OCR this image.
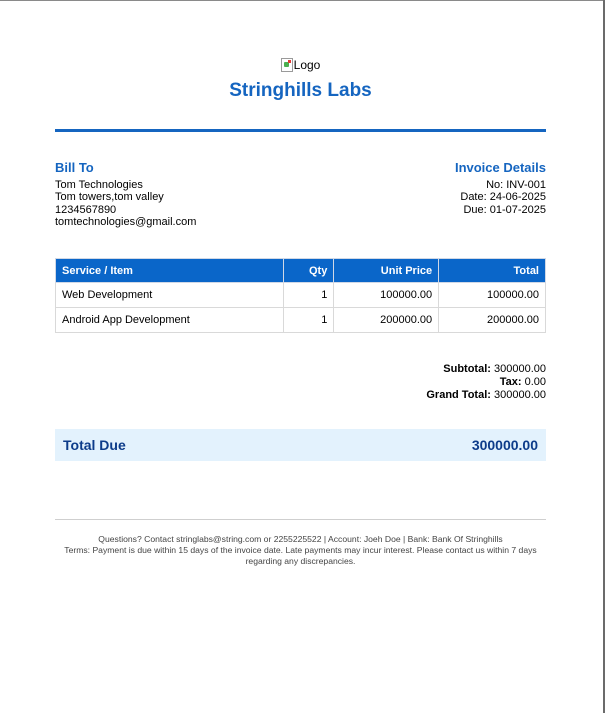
Logo
Stringhills Labs
Bill To
Tom Technologies
Tom towers,tom valley
1234567890
tomtechnologies@gmail.com
Invoice Details
No: INV-001
Date: 24-06-2025
Due: 01-07-2025
Service / Item	Qty	Unit Price	Total
Web Development	1	100000.00	100000.00
Android App Development	1	200000.00	200000.00
Subtotal: 300000.00
Tax: 0.00
Grand Total: 300000.00
Total Due	300000.00
Questions? Contact stringlabs@string.com or 2255225522 | Account: Joeh Doe | Bank: Bank Of Stringhills
Terms: Payment is due within 15 days of the invoice date. Late payments may incur interest. Please contact us within 7 days regarding any discrepancies.
